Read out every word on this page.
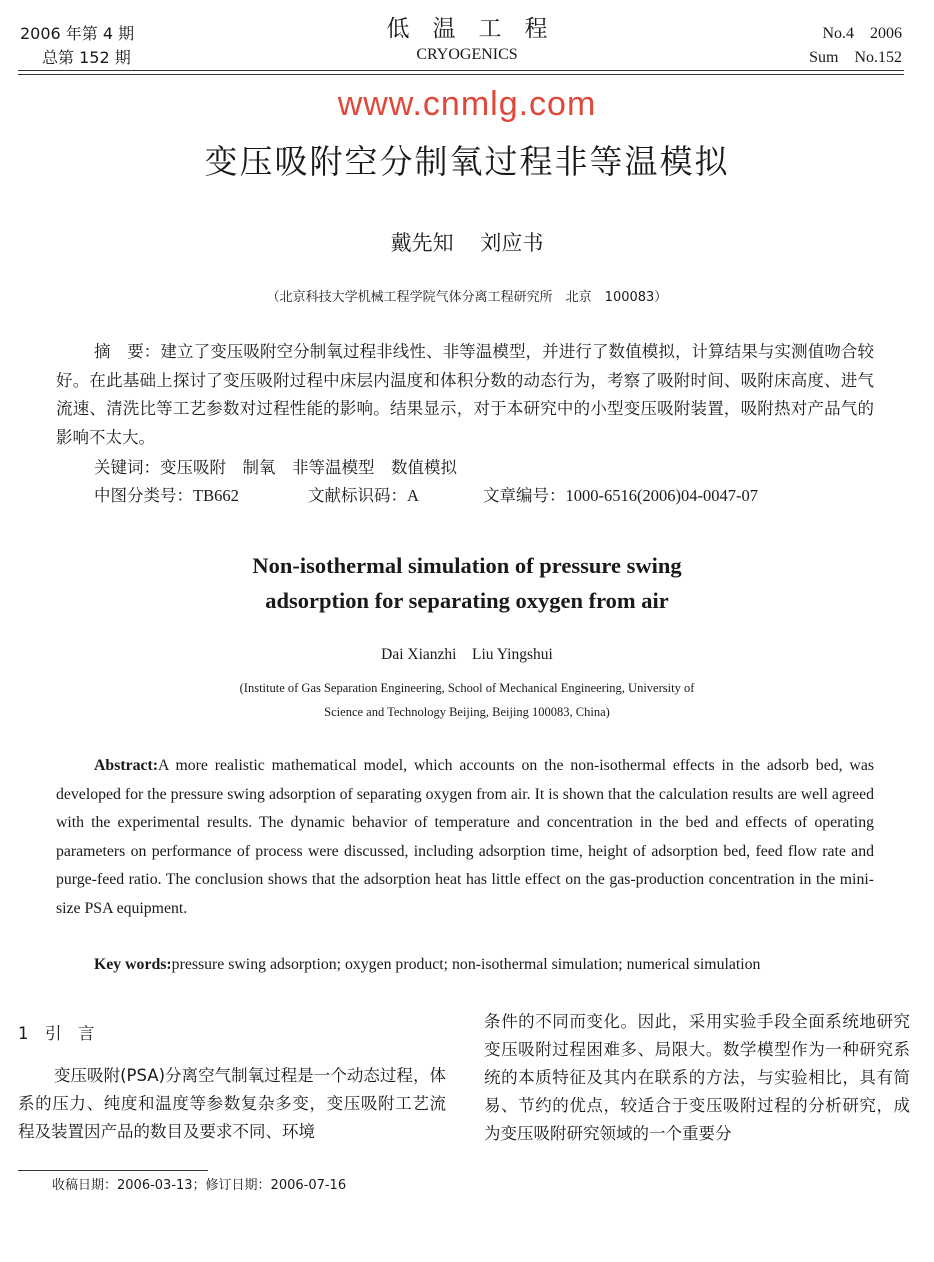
2006 年第 4 期
总第 152 期
低　温　工　程
CRYOGENICS
No.4　2006
Sum　No.152
www.cnmlg.com
变压吸附空分制氧过程非等温模拟
戴先知 刘应书
（北京科技大学机械工程学院气体分离工程研究所　北京　100083）
摘　要：建立了变压吸附空分制氧过程非线性、非等温模型，并进行了数值模拟，计算结果与实测值吻合较好。在此基础上探讨了变压吸附过程中床层内温度和体积分数的动态行为，考察了吸附时间、吸附床高度、进气流速、清洗比等工艺参数对过程性能的影响。结果显示，对于本研究中的小型变压吸附装置，吸附热对产品气的影响不太大。
关键词：变压吸附　制氧　非等温模型　数值模拟
中图分类号：TB662	文献标识码：A	文章编号：1000-6516(2006)04-0047-07
Non-isothermal simulation of pressure swing
adsorption for separating oxygen from air
Dai Xianzhi　Liu Yingshui
(Institute of Gas Separation Engineering, School of Mechanical Engineering, University of
Science and Technology Beijing, Beijing 100083, China)
Abstract:A more realistic mathematical model, which accounts on the non-isothermal effects in the adsorb bed, was developed for the pressure swing adsorption of separating oxygen from air. It is shown that the calculation results are well agreed with the experimental results. The dynamic behavior of temperature and concentration in the bed and effects of operating parameters on performance of process were discussed, including adsorption time, height of adsorption bed, feed flow rate and purge-feed ratio. The conclusion shows that the adsorption heat has little effect on the gas-production concentration in the mini-size PSA equipment.
Key words:pressure swing adsorption; oxygen product; non-isothermal simulation; numerical simulation
1　引　言
变压吸附(PSA)分离空气制氧过程是一个动态过程，体系的压力、纯度和温度等参数复杂多变，变压吸附工艺流程及装置因产品的数目及要求不同、环境
条件的不同而变化。因此，采用实验手段全面系统地研究变压吸附过程困难多、局限大。数学模型作为一种研究系统的本质特征及其内在联系的方法，与实验相比，具有简易、节约的优点，较适合于变压吸附过程的分析研究，成为变压吸附研究领域的一个重要分
收稿日期：2006-03-13；修订日期：2006-07-16
